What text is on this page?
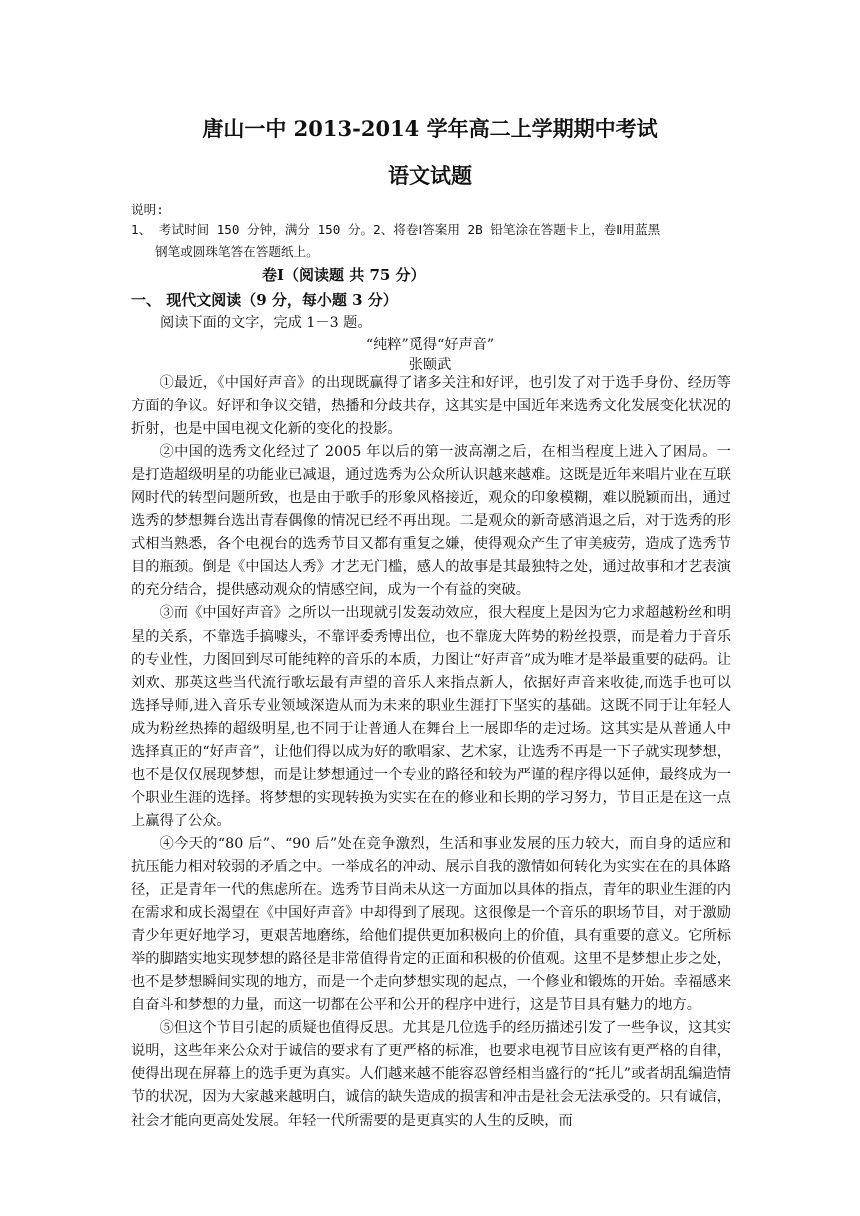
唐山一中 2013-2014 学年高二上学期期中考试
语文试题
说明:
1、 考试时间 150 分钟，满分 150 分。2、将卷Ⅰ答案用 2B 铅笔涂在答题卡上，卷Ⅱ用蓝黑
钢笔或圆珠笔答在答题纸上。
卷Ⅰ（阅读题 共 75 分）
一、 现代文阅读（9 分，每小题 3 分）
阅读下面的文字，完成 1－3 题。
“纯粹”觅得“好声音”
张颐武

①最近，《中国好声音》的出现既赢得了诸多关注和好评，也引发了对于选手身份、经历等方面的争议。好评和争议交错，热播和分歧共存，这其实是中国近年来选秀文化发展变化状况的折射，也是中国电视文化新的变化的投影。

②中国的选秀文化经过了 2005 年以后的第一波高潮之后，在相当程度上进入了困局。一是打造超级明星的功能业已减退，通过选秀为公众所认识越来越难。这既是近年来唱片业在互联网时代的转型问题所致，也是由于歌手的形象风格接近，观众的印象模糊，难以脱颖而出，通过选秀的梦想舞台选出青春偶像的情况已经不再出现。二是观众的新奇感消退之后，对于选秀的形式相当熟悉，各个电视台的选秀节目又都有重复之嫌，使得观众产生了审美疲劳，造成了选秀节目的瓶颈。倒是《中国达人秀》才艺无门槛，感人的故事是其最独特之处，通过故事和才艺表演的充分结合，提供感动观众的情感空间，成为一个有益的突破。

③而《中国好声音》之所以一出现就引发轰动效应，很大程度上是因为它力求超越粉丝和明星的关系，不靠选手搞噱头，不靠评委秀博出位，也不靠庞大阵势的粉丝投票，而是着力于音乐的专业性，力图回到尽可能纯粹的音乐的本质，力图让“好声音”成为唯才是举最重要的砝码。让刘欢、那英这些当代流行歌坛最有声望的音乐人来指点新人，依据好声音来收徒,而选手也可以选择导师,进入音乐专业领域深造从而为未来的职业生涯打下坚实的基础。这既不同于让年轻人成为粉丝热捧的超级明星,也不同于让普通人在舞台上一展即华的走过场。这其实是从普通人中选择真正的“好声音”，让他们得以成为好的歌唱家、艺术家，让选秀不再是一下子就实现梦想，也不是仅仅展现梦想，而是让梦想通过一个专业的路径和较为严谨的程序得以延伸，最终成为一个职业生涯的选择。将梦想的实现转换为实实在在的修业和长期的学习努力，节目正是在这一点上赢得了公众。

④今天的“80 后”、“90 后”处在竞争激烈，生活和事业发展的压力较大，而自身的适应和抗压能力相对较弱的矛盾之中。一举成名的冲动、展示自我的激情如何转化为实实在在的具体路径，正是青年一代的焦虑所在。选秀节目尚未从这一方面加以具体的指点，青年的职业生涯的内在需求和成长渴望在《中国好声音》中却得到了展现。这很像是一个音乐的职场节目，对于激励青少年更好地学习，更艰苦地磨练，给他们提供更加积极向上的价值，具有重要的意义。它所标举的脚踏实地实现梦想的路径是非常值得肯定的正面和积极的价值观。这里不是梦想止步之处，也不是梦想瞬间实现的地方，而是一个走向梦想实现的起点，一个修业和锻炼的开始。幸福感来自奋斗和梦想的力量，而这一切都在公平和公开的程序中进行，这是节目具有魅力的地方。

⑤但这个节目引起的质疑也值得反思。尤其是几位选手的经历描述引发了一些争议，这其实说明，这些年来公众对于诚信的要求有了更严格的标准，也要求电视节目应该有更严格的自律，使得出现在屏幕上的选手更为真实。人们越来越不能容忍曾经相当盛行的“托儿”或者胡乱编造情节的状况，因为大家越来越明白，诚信的缺失造成的损害和冲击是社会无法承受的。只有诚信，社会才能向更高处发展。年轻一代所需要的是更真实的人生的反映，而
